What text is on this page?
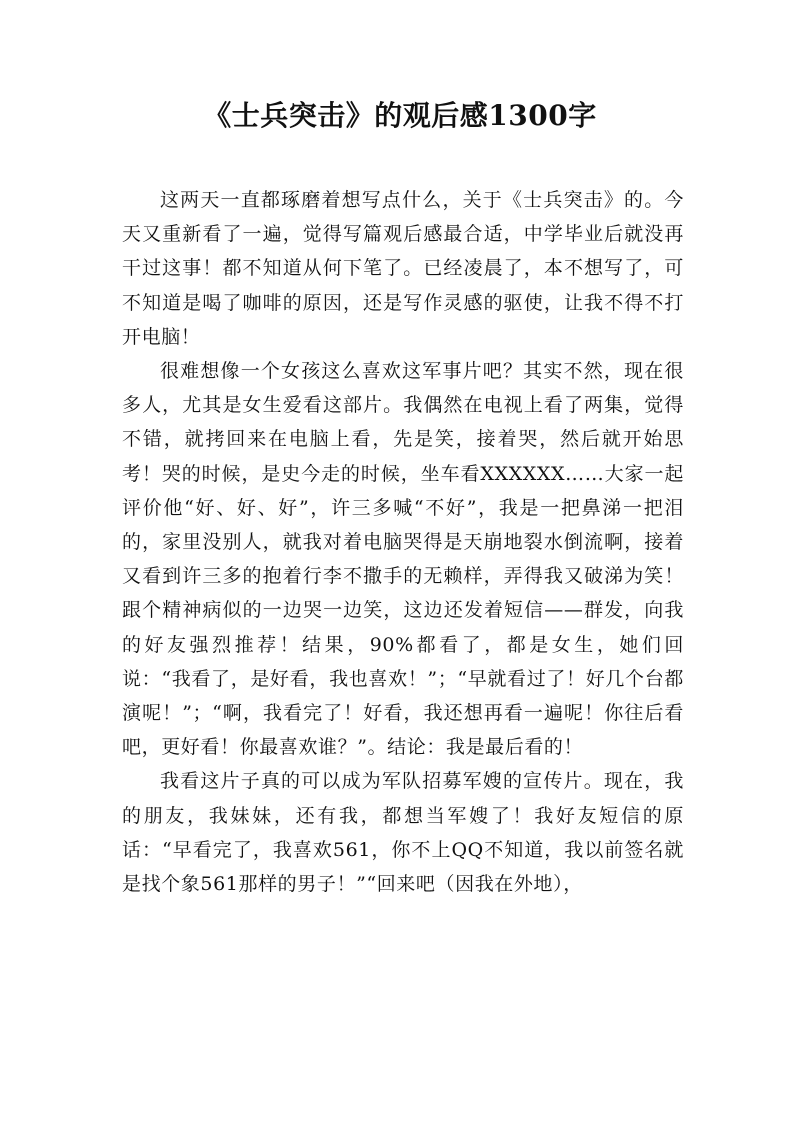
《士兵突击》的观后感1300字

这两天一直都琢磨着想写点什么，关于《士兵突击》的。今天又重新看了一遍，觉得写篇观后感最合适，中学毕业后就没再干过这事！都不知道从何下笔了。已经凌晨了，本不想写了，可不知道是喝了咖啡的原因，还是写作灵感的驱使，让我不得不打开电脑！

很难想像一个女孩这么喜欢这军事片吧？其实不然，现在很多人，尤其是女生爱看这部片。我偶然在电视上看了两集，觉得不错，就拷回来在电脑上看，先是笑，接着哭，然后就开始思考！哭的时候，是史今走的时候，坐车看XXXXXX……大家一起评价他“好、好、好”，许三多喊“不好”，我是一把鼻涕一把泪的，家里没别人，就我对着电脑哭得是天崩地裂水倒流啊，接着又看到许三多的抱着行李不撒手的无赖样，弄得我又破涕为笑！跟个精神病似的一边哭一边笑，这边还发着短信——群发，向我的好友强烈推荐！结果，90%都看了，都是女生，她们回说：“我看了，是好看，我也喜欢！”；“早就看过了！好几个台都演呢！”；“啊，我看完了！好看，我还想再看一遍呢！你往后看吧，更好看！你最喜欢谁？”。结论：我是最后看的！

我看这片子真的可以成为军队招募军嫂的宣传片。现在，我的朋友，我妹妹，还有我，都想当军嫂了！我好友短信的原话：“早看完了，我喜欢561，你不上QQ不知道，我以前签名就是找个象561那样的男子！”“回来吧（因我在外地），
